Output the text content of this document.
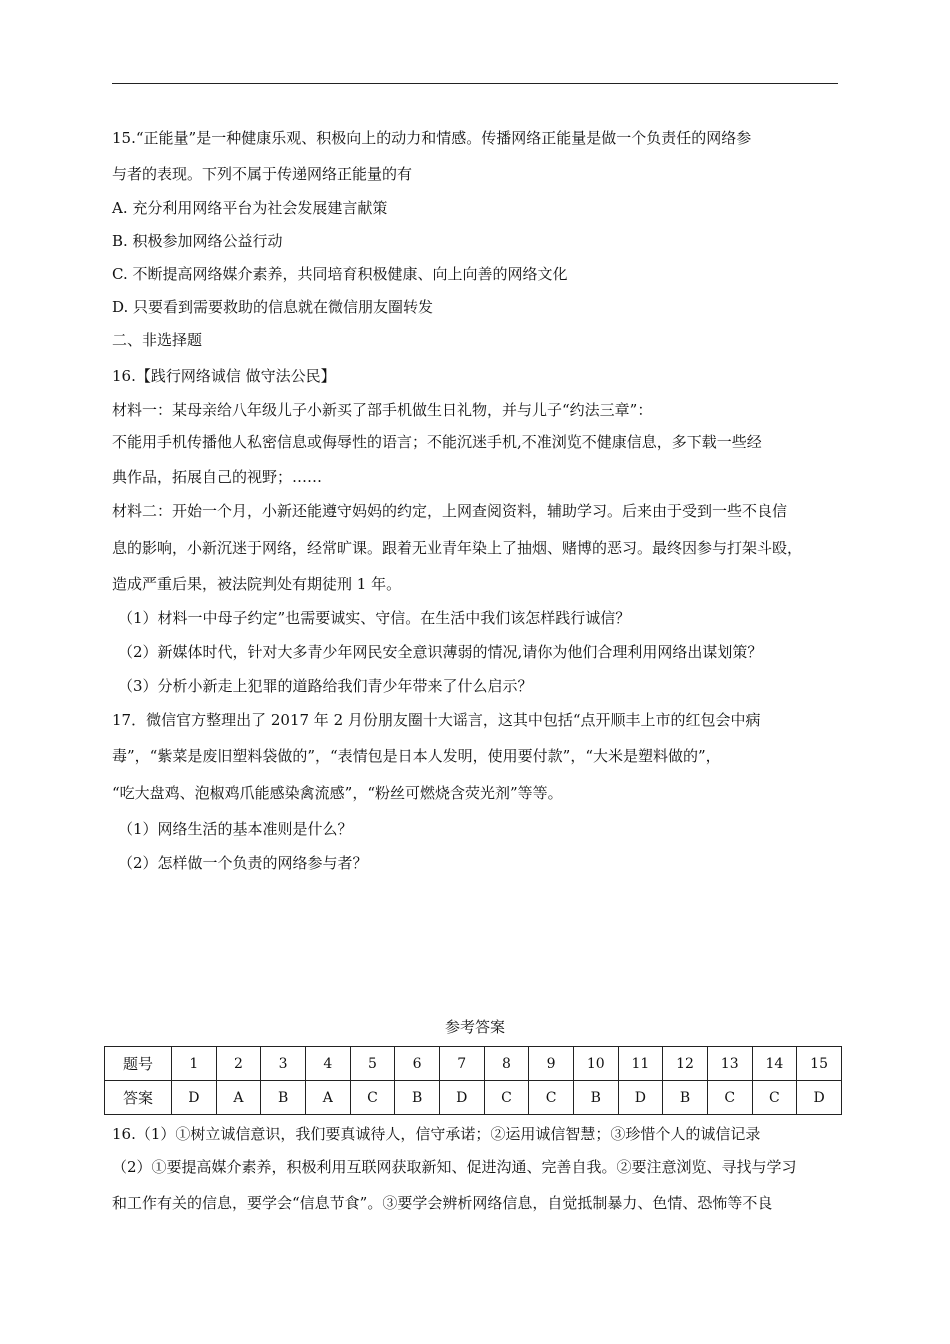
15.“正能量”是一种健康乐观、积极向上的动力和情感。传播网络正能量是做一个负责任的网络参
与者的表现。下列不属于传递网络正能量的有
A. 充分利用网络平台为社会发展建言献策
B. 积极参加网络公益行动
C. 不断提高网络媒介素养，共同培育积极健康、向上向善的网络文化
D. 只要看到需要救助的信息就在微信朋友圈转发
二、非选择题
16.【践行网络诚信 做守法公民】
材料一：某母亲给八年级儿子小新买了部手机做生日礼物，并与儿子“约法三章”：
不能用手机传播他人私密信息或侮辱性的语言；不能沉迷手机,不准浏览不健康信息，多下载一些经
典作品，拓展自己的视野；……
材料二：开始一个月，小新还能遵守妈妈的约定，上网查阅资料，辅助学习。后来由于受到一些不良信
息的影响，小新沉迷于网络，经常旷课。跟着无业青年染上了抽烟、赌博的恶习。最终因参与打架斗殴，
造成严重后果，被法院判处有期徒刑 1 年。
（1）材料一中母子约定”也需要诚实、守信。在生活中我们该怎样践行诚信？
（2）新媒体时代，针对大多青少年网民安全意识薄弱的情况,请你为他们合理利用网络出谋划策？
（3）分析小新走上犯罪的道路给我们青少年带来了什么启示？
17．微信官方整理出了 2017 年 2 月份朋友圈十大谣言，这其中包括“点开顺丰上市的红包会中病
毒”，“紫菜是废旧塑料袋做的”，“表情包是日本人发明，使用要付款”，“大米是塑料做的”，
“吃大盘鸡、泡椒鸡爪能感染禽流感”，“粉丝可燃烧含荧光剂”等等。
（1）网络生活的基本准则是什么？
（2）怎样做一个负责的网络参与者？
参考答案
题号	1	2	3	4	5	6	7	8	9	10	11	12	13	14	15
答案	D	A	B	A	C	B	D	C	C	B	D	B	C	C	D
16.（1）①树立诚信意识，我们要真诚待人，信守承诺；②运用诚信智慧；③珍惜个人的诚信记录
（2）①要提高媒介素养，积极利用互联网获取新知、促进沟通、完善自我。②要注意浏览、寻找与学习
和工作有关的信息，要学会“信息节食”。③要学会辨析网络信息，自觉抵制暴力、色情、恐怖等不良
